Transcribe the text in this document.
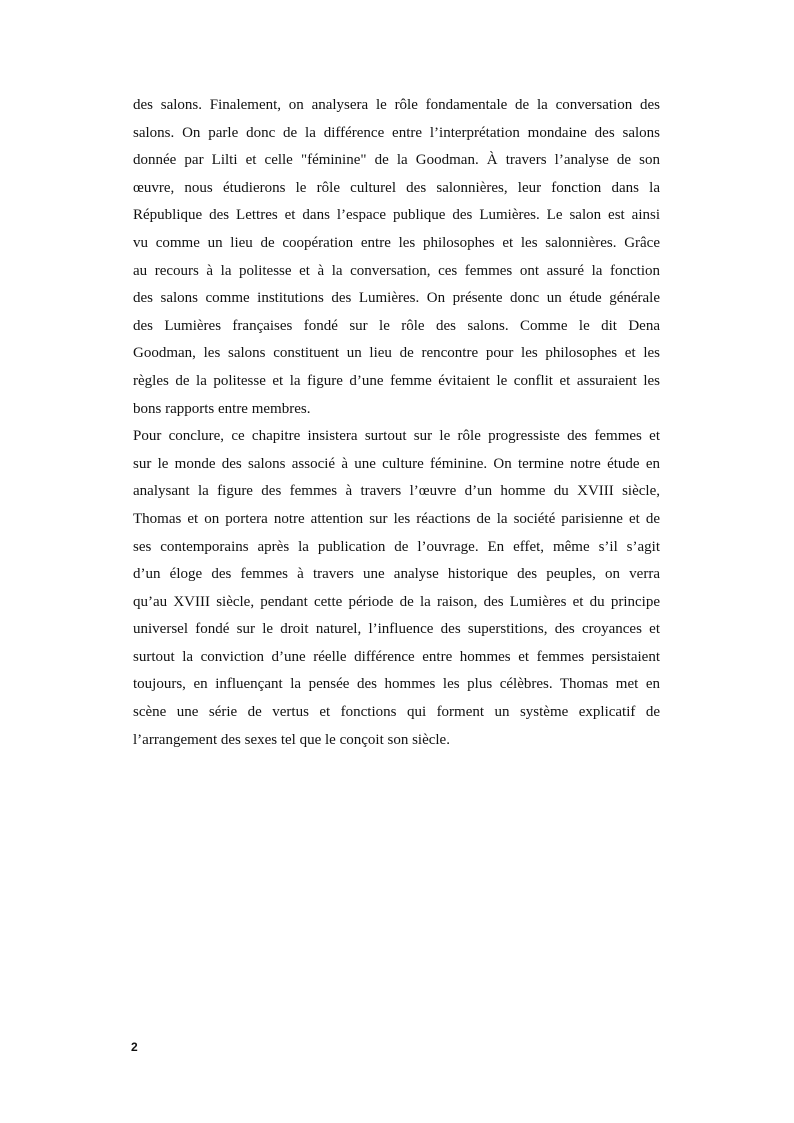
des salons. Finalement, on analysera le rôle fondamentale de la conversation des
salons. On parle donc de la différence entre l’interprétation mondaine des salons
donnée par Lilti et celle "féminine" de la Goodman. À travers l’analyse de son
œuvre, nous étudierons le rôle culturel des salonnières, leur fonction dans la
République des Lettres et dans l’espace publique des Lumières. Le salon est ainsi
vu comme un lieu de coopération entre les philosophes et les salonnières. Grâce
au recours à la politesse et à la conversation, ces femmes ont assuré la fonction
des salons comme institutions des Lumières. On présente donc un étude générale
des Lumières françaises fondé sur le rôle des salons. Comme le dit Dena
Goodman, les salons constituent un lieu de rencontre pour les philosophes et les
règles de la politesse et la figure d’une femme évitaient le conflit et assuraient les
bons rapports entre membres.
Pour conclure, ce chapitre insistera surtout sur le rôle progressiste des femmes et
sur le monde des salons associé à une culture féminine. On termine notre étude en
analysant la figure des femmes à travers l’œuvre d’un homme du XVIII siècle,
Thomas et on portera notre attention sur les réactions de la société parisienne et de
ses contemporains après la publication de l’ouvrage. En effet, même s’il s’agit
d’un éloge des femmes à travers une analyse historique des peuples, on verra
qu’au XVIII siècle, pendant cette période de la raison, des Lumières et du principe
universel fondé sur le droit naturel, l’influence des superstitions, des croyances et
surtout la conviction d’une réelle différence entre hommes et femmes persistaient
toujours, en influençant la pensée des hommes les plus célèbres. Thomas met en
scène une série de vertus et fonctions qui forment un système explicatif de
l’arrangement des sexes tel que le conçoit son siècle.
2
